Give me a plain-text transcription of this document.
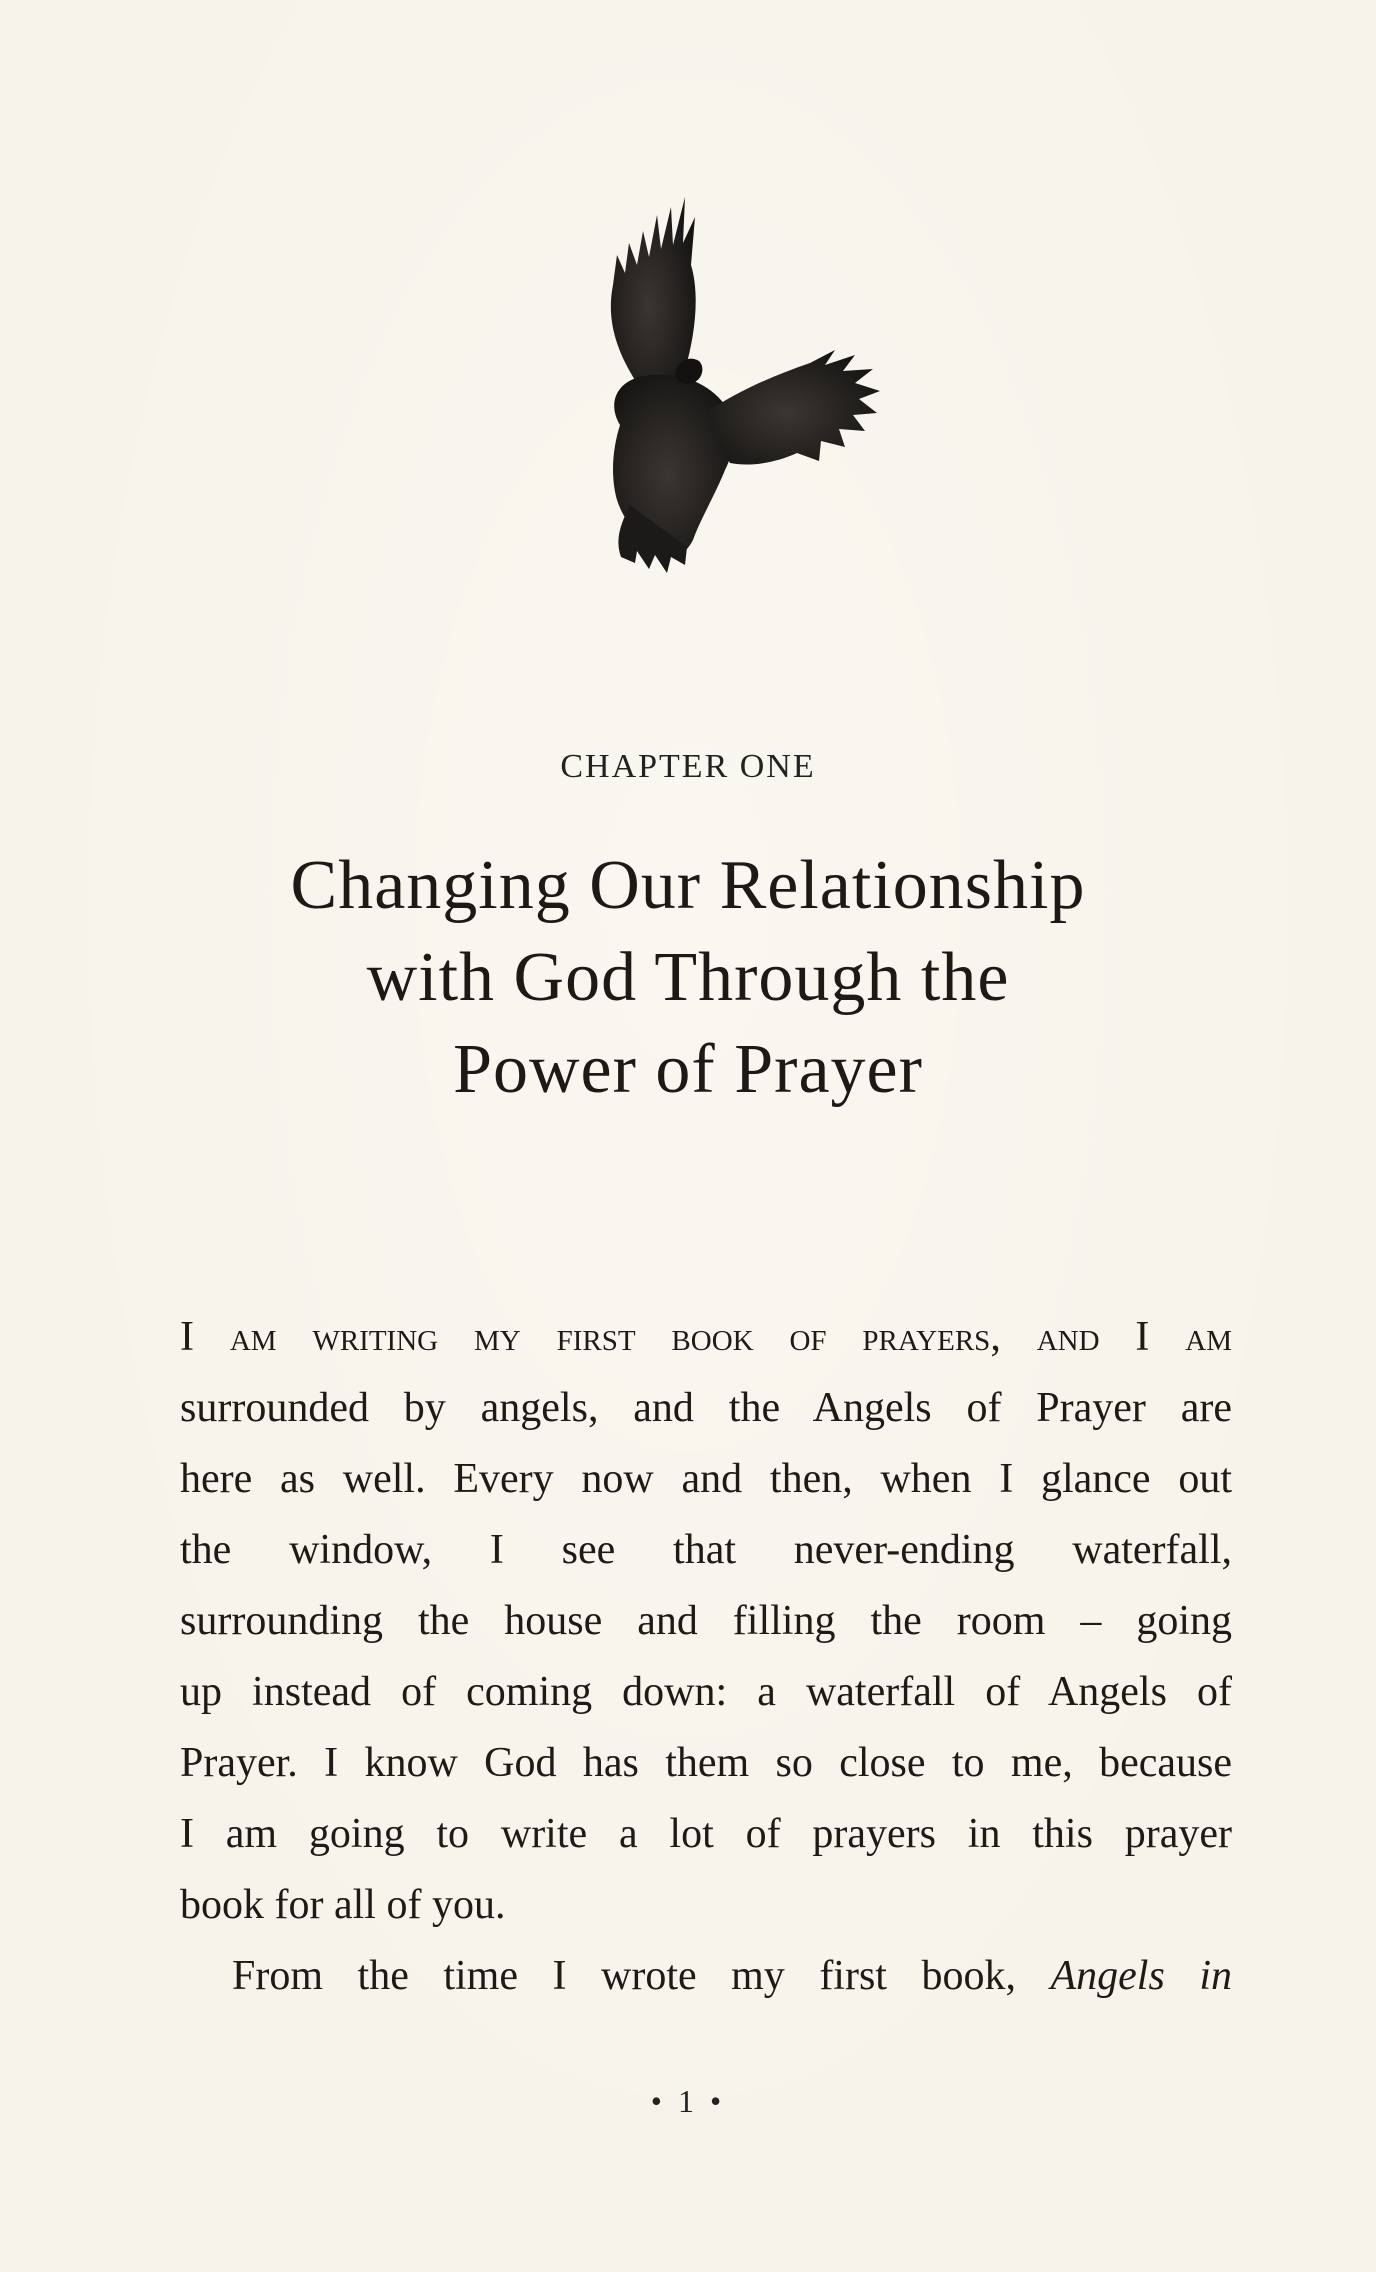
CHAPTER ONE
Changing Our Relationship
with God Through the
Power of Prayer

I am writing my first book of prayers, and I am

surrounded by angels, and the Angels of Prayer are

here as well. Every now and then, when I glance out

the window, I see that never-ending waterfall,

surrounding the house and filling the room – going

up instead of coming down: a waterfall of Angels of

Prayer. I know God has them so close to me, because

I am going to write a lot of prayers in this prayer

book for all of you.

From the time I wrote my first book, Angels in

• 1 •
